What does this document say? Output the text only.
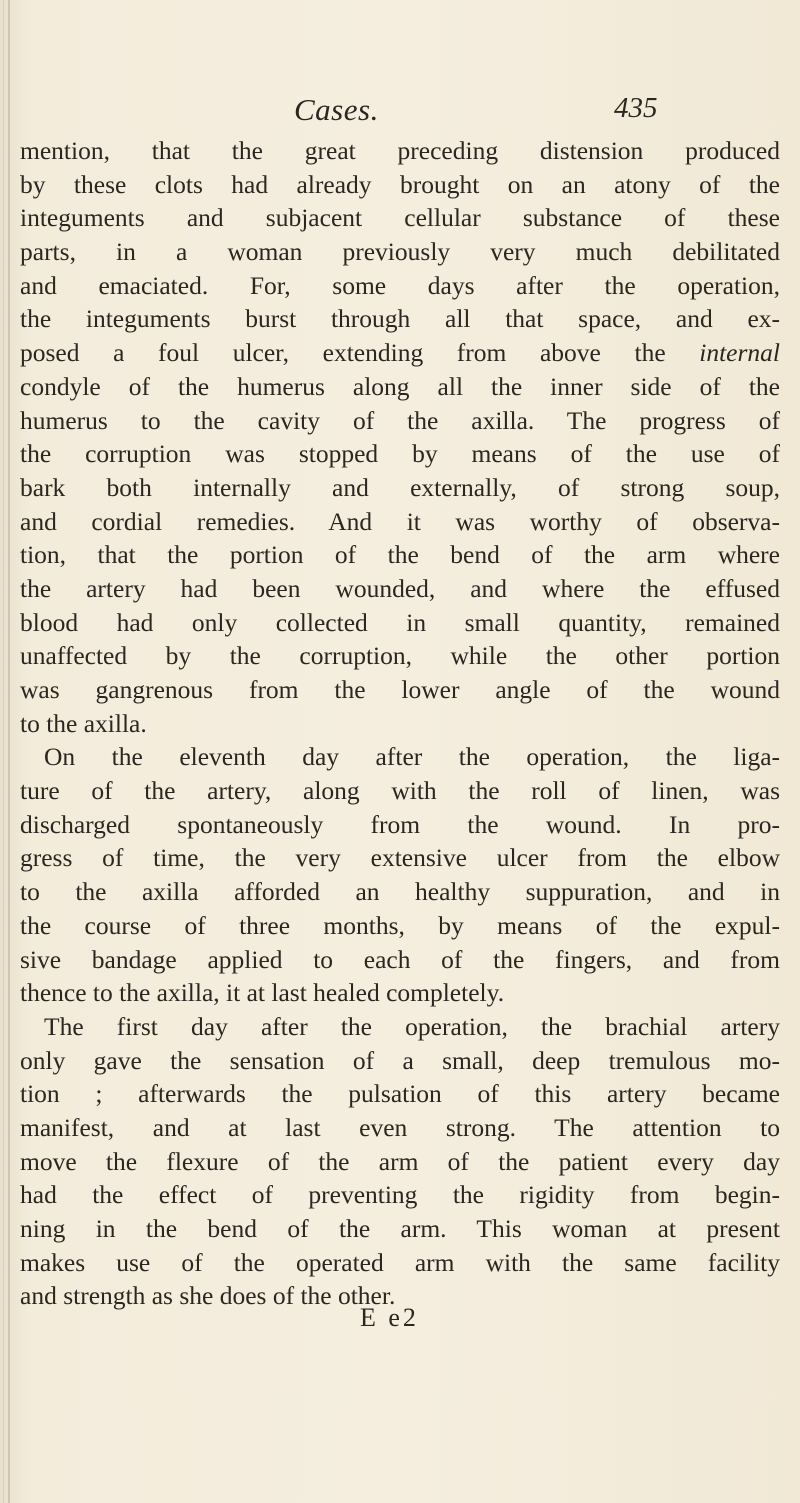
Cases.	435
mention, that the great preceding distension produced
by these clots had already brought on an atony of the
integuments and subjacent cellular substance of these
parts, in a woman previously very much debilitated
and emaciated. For, some days after the operation,
the integuments burst through all that space, and ex-
posed a foul ulcer, extending from above the internal
condyle of the humerus along all the inner side of the
humerus to the cavity of the axilla. The progress of
the corruption was stopped by means of the use of
bark both internally and externally, of strong soup,
and cordial remedies. And it was worthy of observa-
tion, that the portion of the bend of the arm where
the artery had been wounded, and where the effused
blood had only collected in small quantity, remained
unaffected by the corruption, while the other portion
was gangrenous from the lower angle of the wound
to the axilla.
On the eleventh day after the operation, the liga-
ture of the artery, along with the roll of linen, was
discharged spontaneously from the wound. In pro-
gress of time, the very extensive ulcer from the elbow
to the axilla afforded an healthy suppuration, and in
the course of three months, by means of the expul-
sive bandage applied to each of the fingers, and from
thence to the axilla, it at last healed completely.
The first day after the operation, the brachial artery
only gave the sensation of a small, deep tremulous mo-
tion ; afterwards the pulsation of this artery became
manifest, and at last even strong. The attention to
move the flexure of the arm of the patient every day
had the effect of preventing the rigidity from begin-
ning in the bend of the arm. This woman at present
makes use of the operated arm with the same facility
and strength as she does of the other.
E e2
